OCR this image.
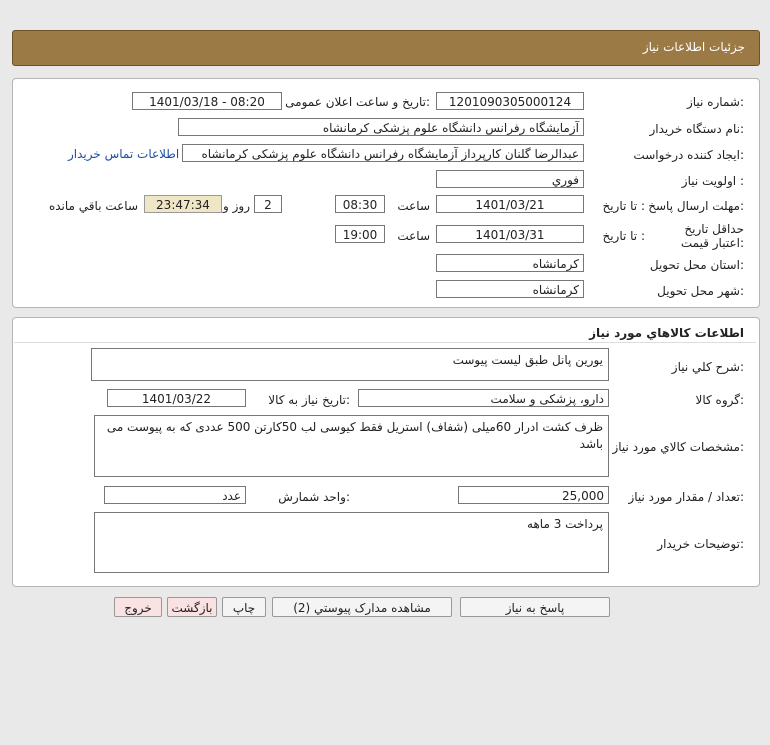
جزئیات اطلاعات نیاز
شماره نیاز:
1201090305000124
تاریخ و ساعت اعلان عمومی:
1401/03/18 - 08:20
نام دستگاه خریدار:
آزمایشگاه رفرانس دانشگاه علوم پزشکی کرمانشاه
ایجاد کننده درخواست:
عبدالرضا گلنان کارپرداز آزمایشگاه رفرانس دانشگاه علوم پزشکی کرمانشاه
اطلاعات تماس خریدار
اولویت نیاز :
فوري
مهلت ارسال پاسخ:
تا تاریخ :
1401/03/21
ساعت
08:30
2
روز و
23:47:34
ساعت باقي مانده
حداقل تاریخ اعتبار قیمت:
تا تاریخ :
1401/03/31
ساعت
19:00
استان محل تحویل:
کرمانشاه
شهر محل تحویل:
کرمانشاه
اطلاعات کالاهاي مورد نياز
شرح کلي نياز:
یورین پانل طبق لیست پیوست
گروه کالا:
دارو، پزشکی و سلامت
تاریخ نیاز به کالا:
1401/03/22
مشخصات کالاي مورد نياز:
ظرف کشت ادرار 60میلی (شفاف) استریل فقط کیوسی لب 50کارتن 500 عددی که به پیوست می باشد
تعداد / مقدار مورد نیاز:
25,000
واحد شمارش:
عدد
توضیحات خریدار:
پرداخت 3 ماهه
پاسخ به نیاز
مشاهده مدارک پیوستي (2)
چاپ
بازگشت
خروج
